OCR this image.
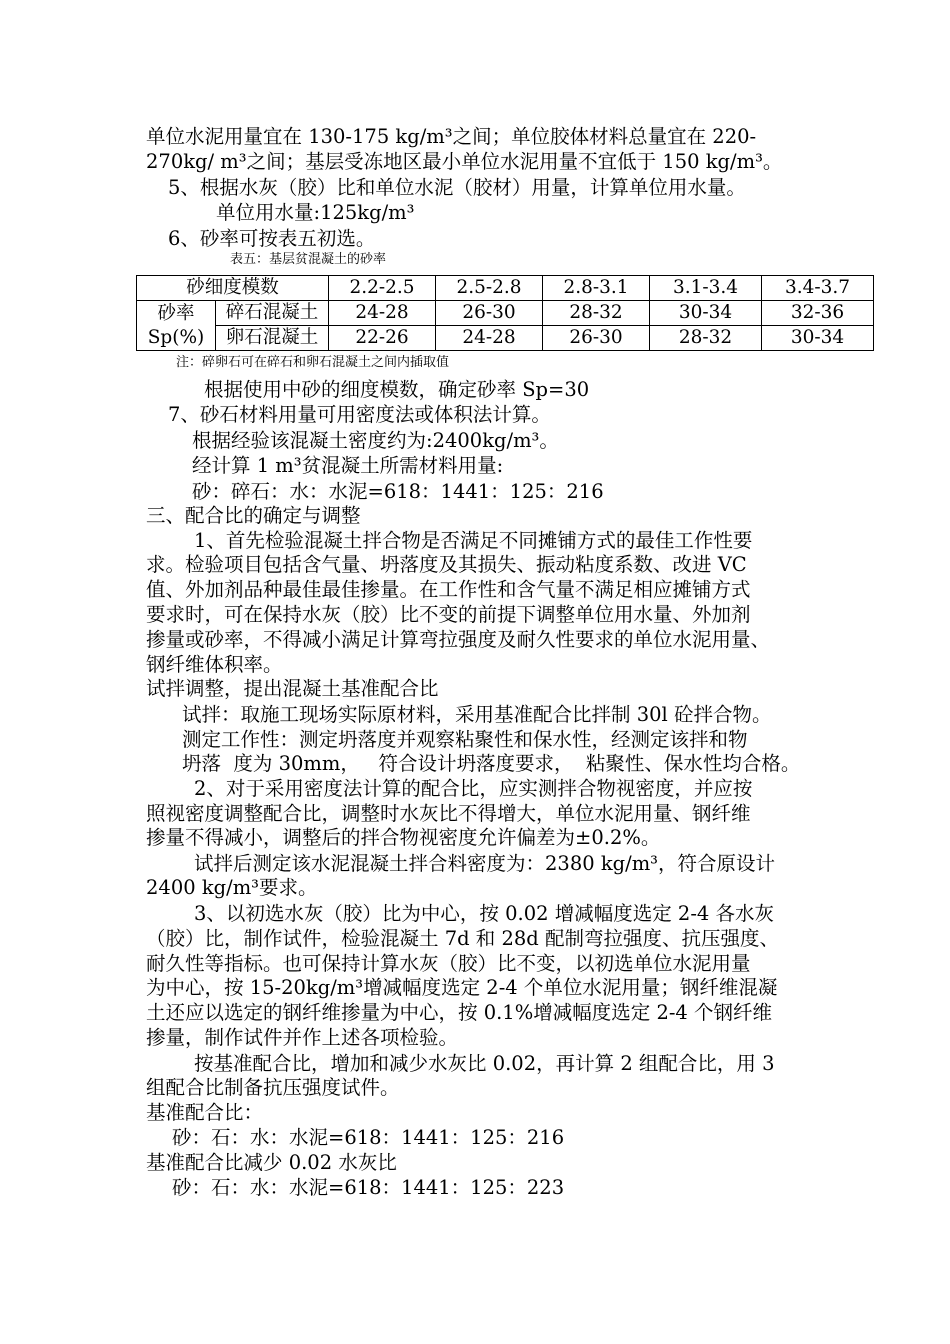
单位水泥用量宜在 130-175 kg/m³之间；单位胶体材料总量宜在 220-

270kg/ m³之间；基层受冻地区最小单位水泥用量不宜低于 150 kg/m³。

5、根据水灰（胶）比和单位水泥（胶材）用量，计算单位用水量。

单位用水量:125kg/m³

6、砂率可按表五初选。

表五：基层贫混凝土的砂率

砂细度模数		2.2-2.5	2.5-2.8	2.8-3.1	3.1-3.4	3.4-3.7
砂率
Sp(%)	碎石混凝土	24-28	26-30	28-32	30-34	32-36
	卵石混凝土	22-26	24-28	26-30	28-32	30-34

注：碎卵石可在碎石和卵石混凝土之间内插取值

根据使用中砂的细度模数，确定砂率 Sp=30

7、砂石材料用量可用密度法或体积法计算。

根据经验该混凝土密度约为:2400kg/m³。

经计算 1 m³贫混凝土所需材料用量:

砂：碎石：水：水泥=618：1441：125：216

三、配合比的确定与调整

1、首先检验混凝土拌合物是否满足不同摊铺方式的最佳工作性要

求。检验项目包括含气量、坍落度及其损失、振动粘度系数、改进 VC

值、外加剂品种最佳最佳掺量。在工作性和含气量不满足相应摊铺方式

要求时，可在保持水灰（胶）比不变的前提下调整单位用水量、外加剂

掺量或砂率，不得减小满足计算弯拉强度及耐久性要求的单位水泥用量、

钢纤维体积率。

试拌调整，提出混凝土基准配合比

试拌：取施工现场实际原材料，采用基准配合比拌制 30l 砼拌合物。

测定工作性：测定坍落度并观察粘聚性和保水性，经测定该拌和物

坍落  度为 30mm，   符合设计坍落度要求，  粘聚性、保水性均合格。

2、对于采用密度法计算的配合比，应实测拌合物视密度，并应按

照视密度调整配合比，调整时水灰比不得增大，单位水泥用量、钢纤维

掺量不得减小，调整后的拌合物视密度允许偏差为±0.2%。

试拌后测定该水泥混凝土拌合料密度为：2380 kg/m³，符合原设计

2400 kg/m³要求。

3、以初选水灰（胶）比为中心，按 0.02 增减幅度选定 2-4 各水灰

（胶）比，制作试件，检验混凝土 7d 和 28d 配制弯拉强度、抗压强度、

耐久性等指标。也可保持计算水灰（胶）比不变，以初选单位水泥用量

为中心，按 15-20kg/m³增减幅度选定 2-4 个单位水泥用量；钢纤维混凝

土还应以选定的钢纤维掺量为中心，按 0.1%增减幅度选定 2-4 个钢纤维

掺量，制作试件并作上述各项检验。

按基准配合比，增加和减少水灰比 0.02，再计算 2 组配合比，用 3

组配合比制备抗压强度试件。

基准配合比：

砂：石：水：水泥=618：1441：125：216

基准配合比减少 0.02 水灰比

砂：石：水：水泥=618：1441：125：223
